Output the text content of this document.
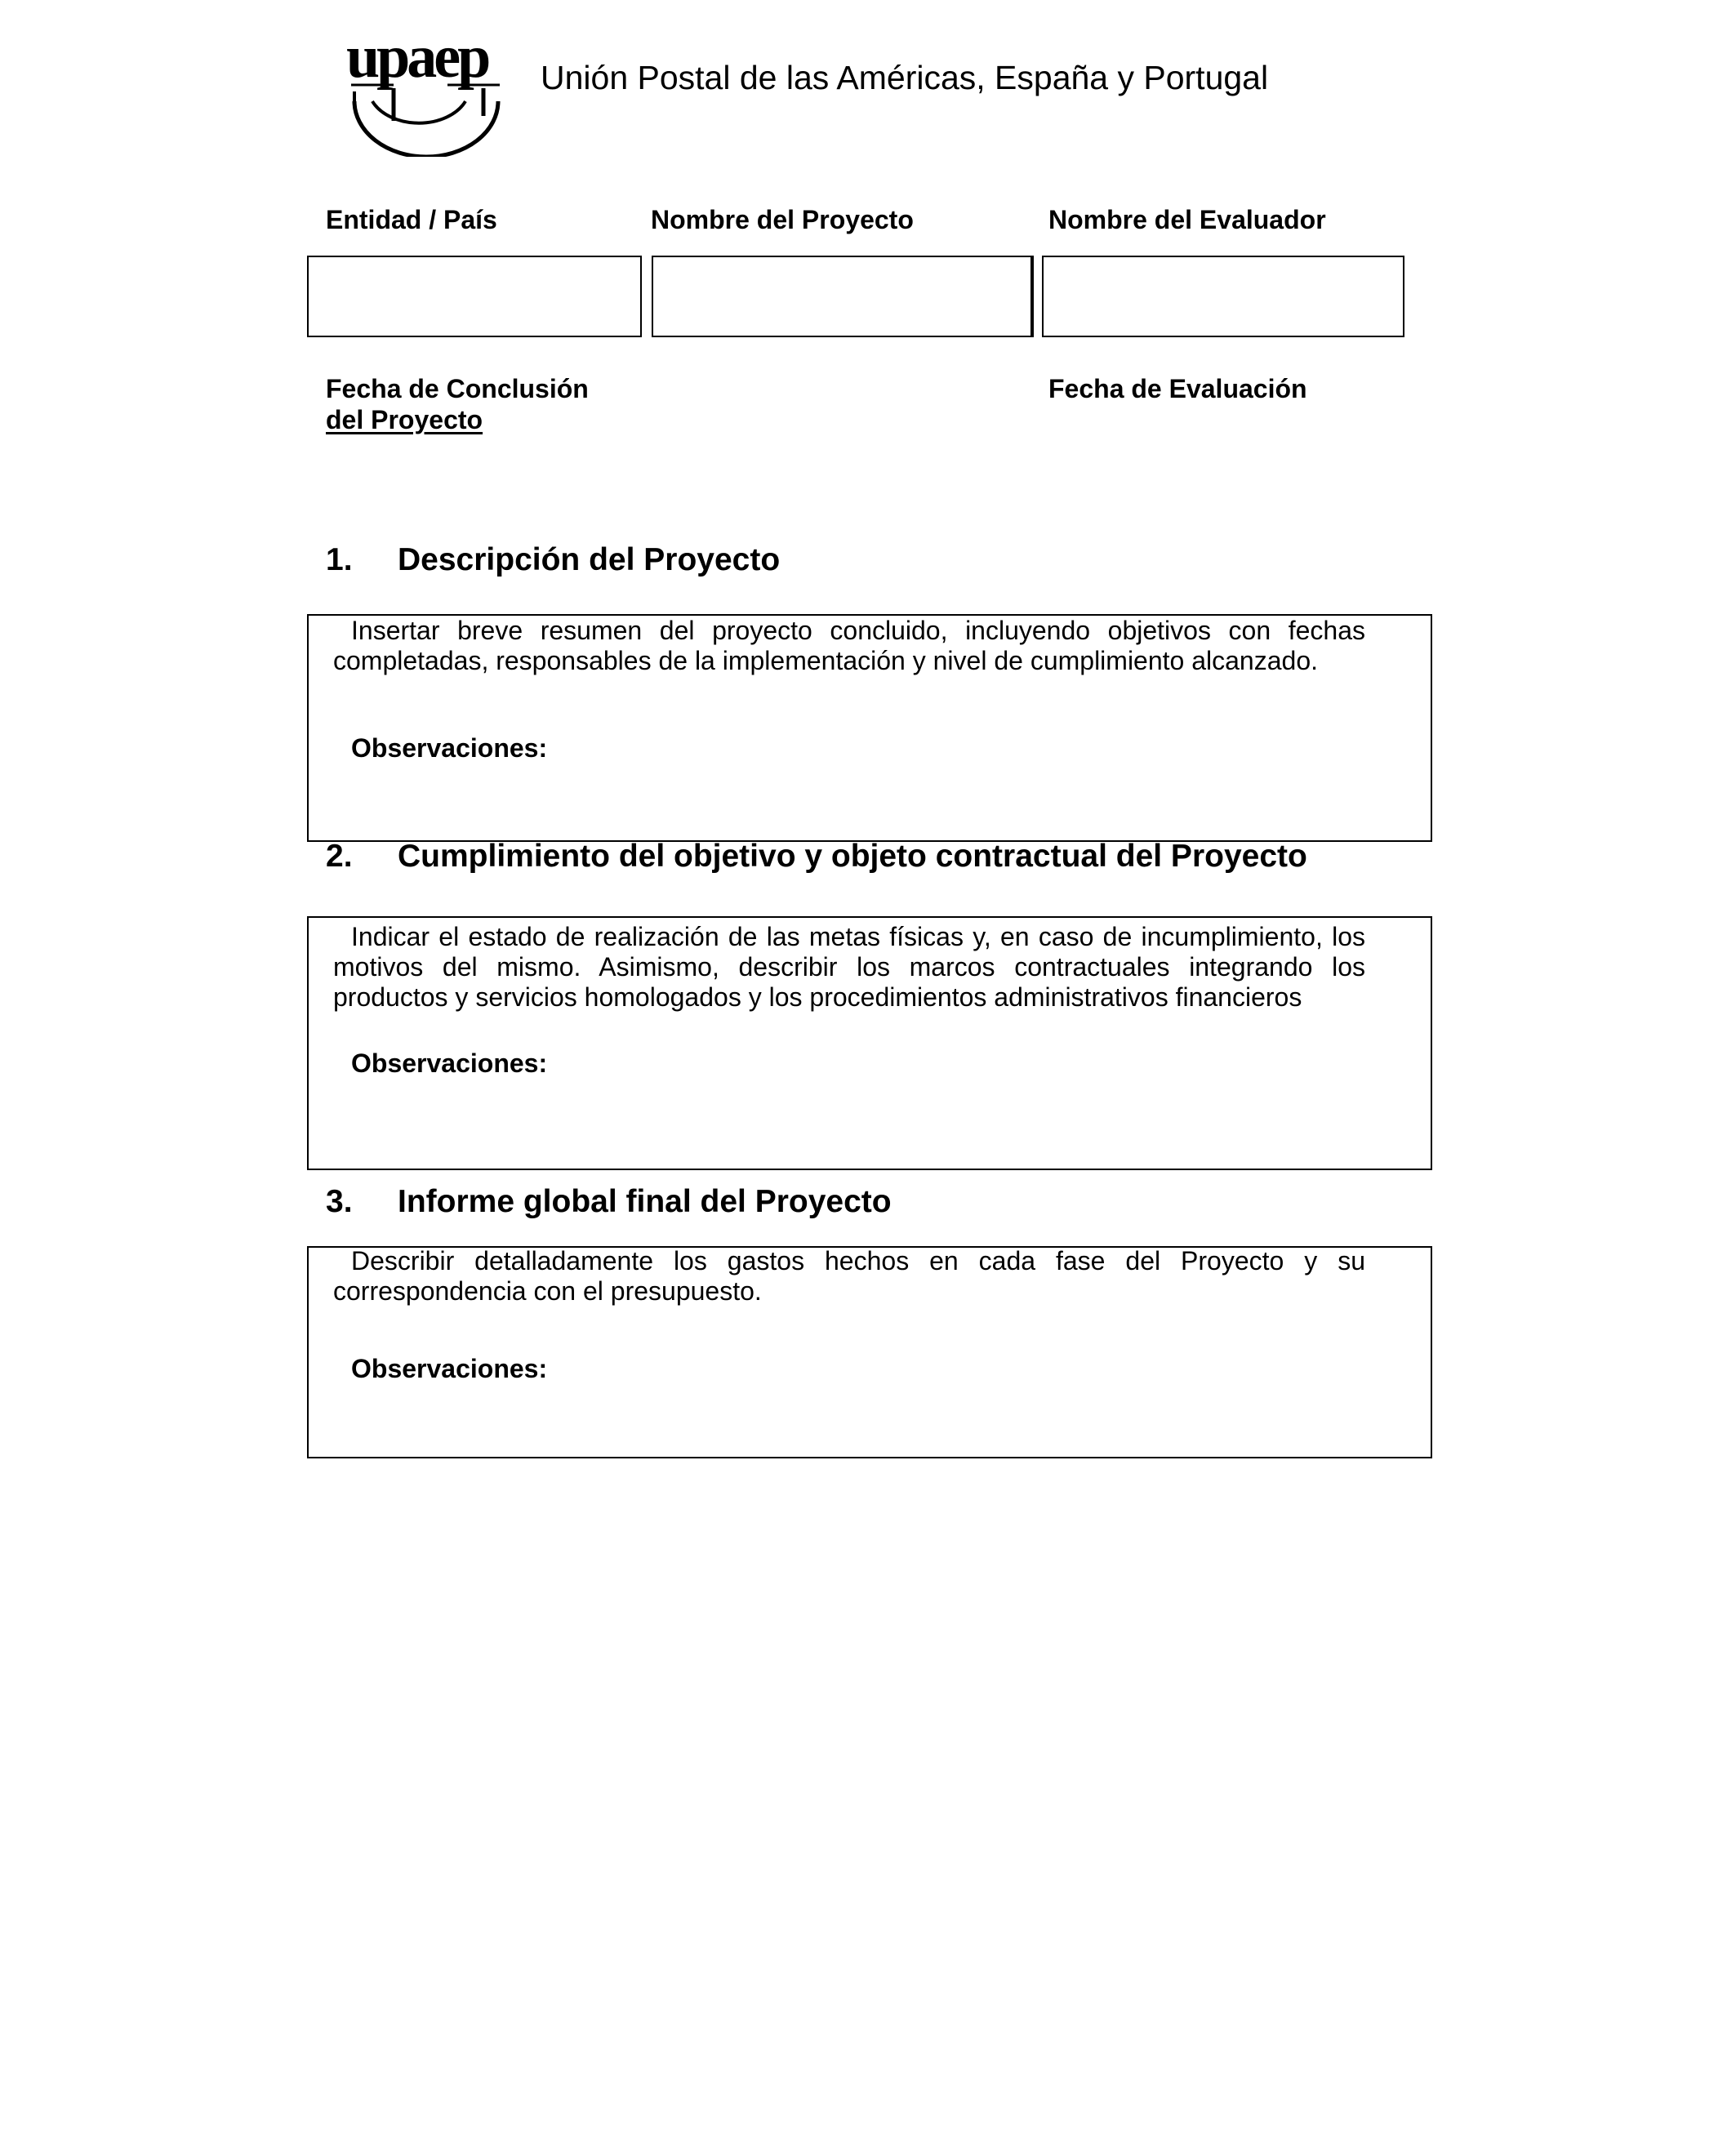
upaep Unión Postal de las Américas, España y Portugal
Entidad / País	Nombre del Proyecto	Nombre del Evaluador
Fecha de Conclusión
del Proyecto
Fecha de Evaluación
1. Descripción del Proyecto
Insertar breve resumen del proyecto concluido, incluyendo objetivos con fechas completadas, responsables de la implementación y nivel de cumplimiento alcanzado.
Observaciones:
2. Cumplimiento del objetivo y objeto contractual del Proyecto
Indicar el estado de realización de las metas físicas y, en caso de incumplimiento, los motivos del mismo. Asimismo, describir los marcos contractuales integrando los productos y servicios homologados y los procedimientos administrativos financieros
Observaciones:
3. Informe global final del Proyecto
Describir detalladamente los gastos hechos en cada fase del Proyecto y su correspondencia con el presupuesto.
Observaciones:
